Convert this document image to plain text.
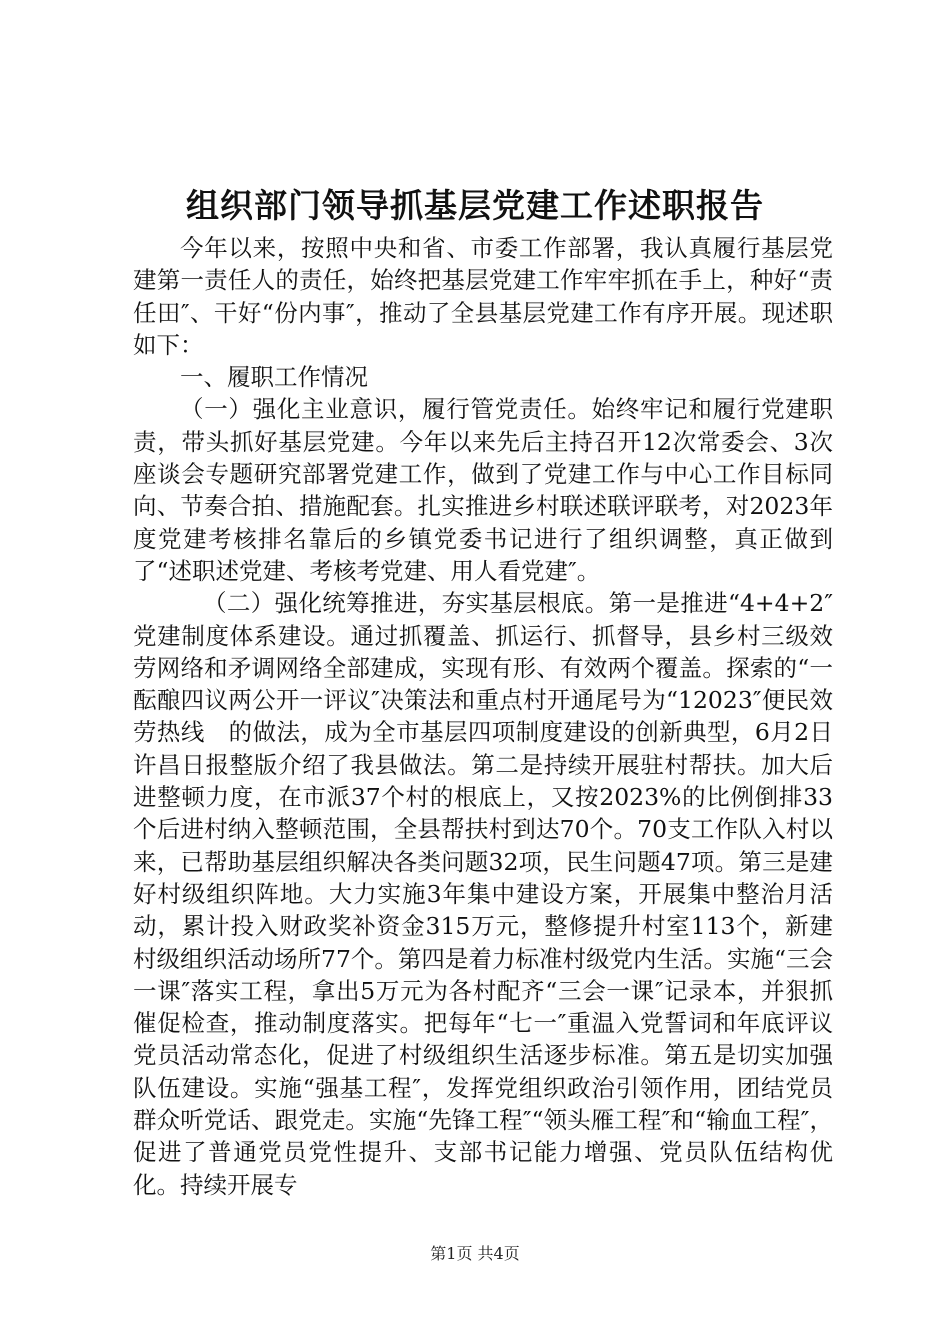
组织部门领导抓基层党建工作述职报告

今年以来，按照中央和省、市委工作部署，我认真履行基层党建第一责任人的责任，始终把基层党建工作牢牢抓在手上，种好“责任田″、干好“份内事″，推动了全县基层党建工作有序开展。现述职如下：

一、履职工作情况

（一）强化主业意识，履行管党责任。始终牢记和履行党建职责，带头抓好基层党建。今年以来先后主持召开12次常委会、3次座谈会专题研究部署党建工作，做到了党建工作与中心工作目标同向、节奏合拍、措施配套。扎实推进乡村联述联评联考，对2023年度党建考核排名靠后的乡镇党委书记进行了组织调整，真正做到了“述职述党建、考核考党建、用人看党建″。

（二）强化统筹推进，夯实基层根底。第一是推进“4+4+2″党建制度体系建设。通过抓覆盖、抓运行、抓督导，县乡村三级效劳网络和矛调网络全部建成，实现有形、有效两个覆盖。探索的“一酝酿四议两公开一评议″决策法和重点村开通尾号为“12023″便民效劳热线　的做法，成为全市基层四项制度建设的创新典型，6月2日许昌日报整版介绍了我县做法。第二是持续开展驻村帮扶。加大后进整顿力度，在市派37个村的根底上，又按2023%的比例倒排33个后进村纳入整顿范围，全县帮扶村到达70个。70支工作队入村以来，已帮助基层组织解决各类问题32项，民生问题47项。第三是建好村级组织阵地。大力实施3年集中建设方案，开展集中整治月活动，累计投入财政奖补资金315万元，整修提升村室113个，新建村级组织活动场所77个。第四是着力标准村级党内生活。实施“三会一课″落实工程，拿出5万元为各村配齐“三会一课″记录本，并狠抓催促检查，推动制度落实。把每年“七一″重温入党誓词和年底评议党员活动常态化，促进了村级组织生活逐步标准。第五是切实加强队伍建设。实施“强基工程″，发挥党组织政治引领作用，团结党员群众听党话、跟党走。实施“先锋工程″“领头雁工程″和“输血工程″，促进了普通党员党性提升、支部书记能力增强、党员队伍结构优化。持续开展专

第1页 共4页
